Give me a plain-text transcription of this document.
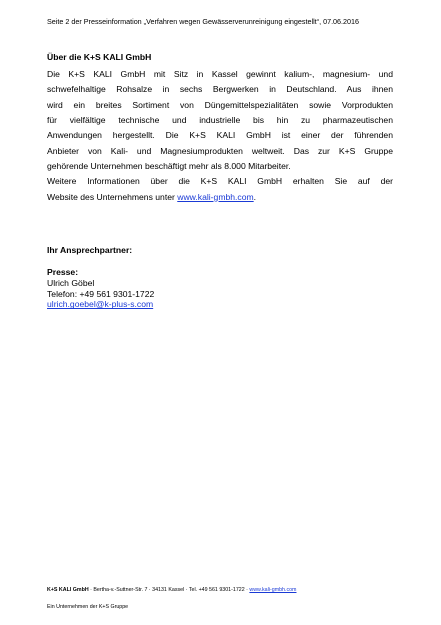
Seite 2 der Presseinformation „Verfahren wegen Gewässerverunreinigung eingestellt“, 07.06.2016

Über die K+S KALI GmbH

Die K+S KALI GmbH mit Sitz in Kassel gewinnt kalium-, magnesium- und
schwefelhaltige Rohsalze in sechs Bergwerken in Deutschland. Aus ihnen
wird ein breites Sortiment von Düngemittelspezialitäten sowie Vorprodukten
für vielfältige technische und industrielle bis hin zu pharmazeutischen
Anwendungen hergestellt. Die K+S KALI GmbH ist einer der führenden
Anbieter von Kali- und Magnesiumprodukten weltweit. Das zur K+S Gruppe
gehörende Unternehmen beschäftigt mehr als 8.000 Mitarbeiter.
Weitere Informationen über die K+S KALI GmbH erhalten Sie auf der
Website des Unternehmens unter www.kali-gmbh.com.

Ihr Ansprechpartner:

Presse:
Ulrich Göbel
Telefon: +49 561 9301-1722
ulrich.goebel@k-plus-s.com
K+S KALI GmbH · Bertha-v.-Suttner-Str. 7 · 34131 Kassel · Tel. +49 561 9301-1722 · www.kali-gmbh.com
Ein Unternehmen der K+S Gruppe
